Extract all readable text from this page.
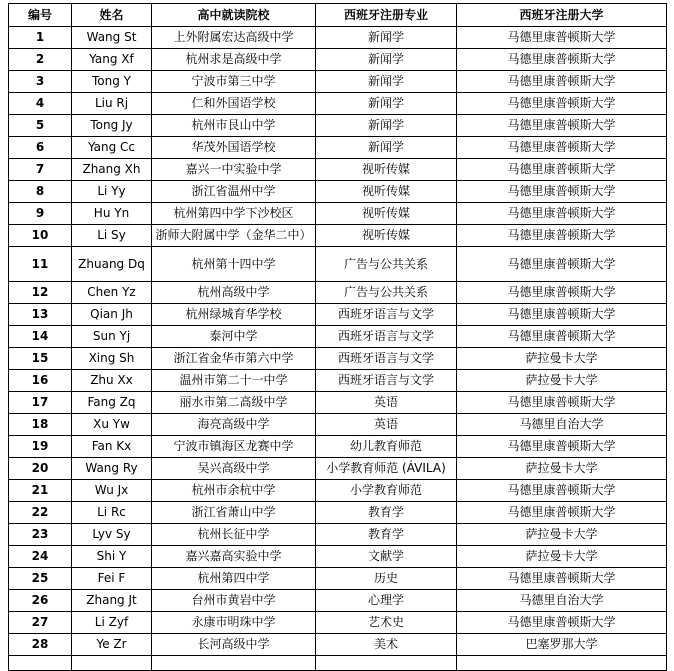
编号	姓名	高中就读院校	西班牙注册专业	西班牙注册大学
1	Wang St	上外附属宏达高级中学	新闻学	马德里康普顿斯大学
2	Yang Xf	杭州求是高级中学	新闻学	马德里康普顿斯大学
3	Tong Y	宁波市第三中学	新闻学	马德里康普顿斯大学
4	Liu Rj	仁和外国语学校	新闻学	马德里康普顿斯大学
5	Tong Jy	杭州市艮山中学	新闻学	马德里康普顿斯大学
6	Yang Cc	华茂外国语学校	新闻学	马德里康普顿斯大学
7	Zhang Xh	嘉兴一中实验中学	视听传媒	马德里康普顿斯大学
8	Li Yy	浙江省温州中学	视听传媒	马德里康普顿斯大学
9	Hu Yn	杭州第四中学下沙校区	视听传媒	马德里康普顿斯大学
10	Li Sy	浙师大附属中学（金华二中）	视听传媒	马德里康普顿斯大学
11	Zhuang Dq	杭州第十四中学	广告与公共关系	马德里康普顿斯大学
12	Chen Yz	杭州高级中学	广告与公共关系	马德里康普顿斯大学
13	Qian Jh	杭州绿城育华学校	西班牙语言与文学	马德里康普顿斯大学
14	Sun Yj	泰河中学	西班牙语言与文学	马德里康普顿斯大学
15	Xing Sh	浙江省金华市第六中学	西班牙语言与文学	萨拉曼卡大学
16	Zhu Xx	温州市第二十一中学	西班牙语言与文学	萨拉曼卡大学
17	Fang Zq	丽水市第二高级中学	英语	马德里康普顿斯大学
18	Xu Yw	海亮高级中学	英语	马德里自治大学
19	Fan Kx	宁波市镇海区龙赛中学	幼儿教育师范	马德里康普顿斯大学
20	Wang Ry	吴兴高级中学	小学教育师范 (ÁVILA)	萨拉曼卡大学
21	Wu Jx	杭州市余杭中学	小学教育师范	马德里康普顿斯大学
22	Li Rc	浙江省萧山中学	教育学	马德里康普顿斯大学
23	Lyv Sy	杭州长征中学	教育学	萨拉曼卡大学
24	Shi Y	嘉兴嘉高实验中学	文献学	萨拉曼卡大学
25	Fei F	杭州第四中学	历史	马德里康普顿斯大学
26	Zhang Jt	台州市黄岩中学	心理学	马德里自治大学
27	Li Zyf	永康市明珠中学	艺术史	马德里康普顿斯大学
28	Ye Zr	长河高级中学	美术	巴塞罗那大学
